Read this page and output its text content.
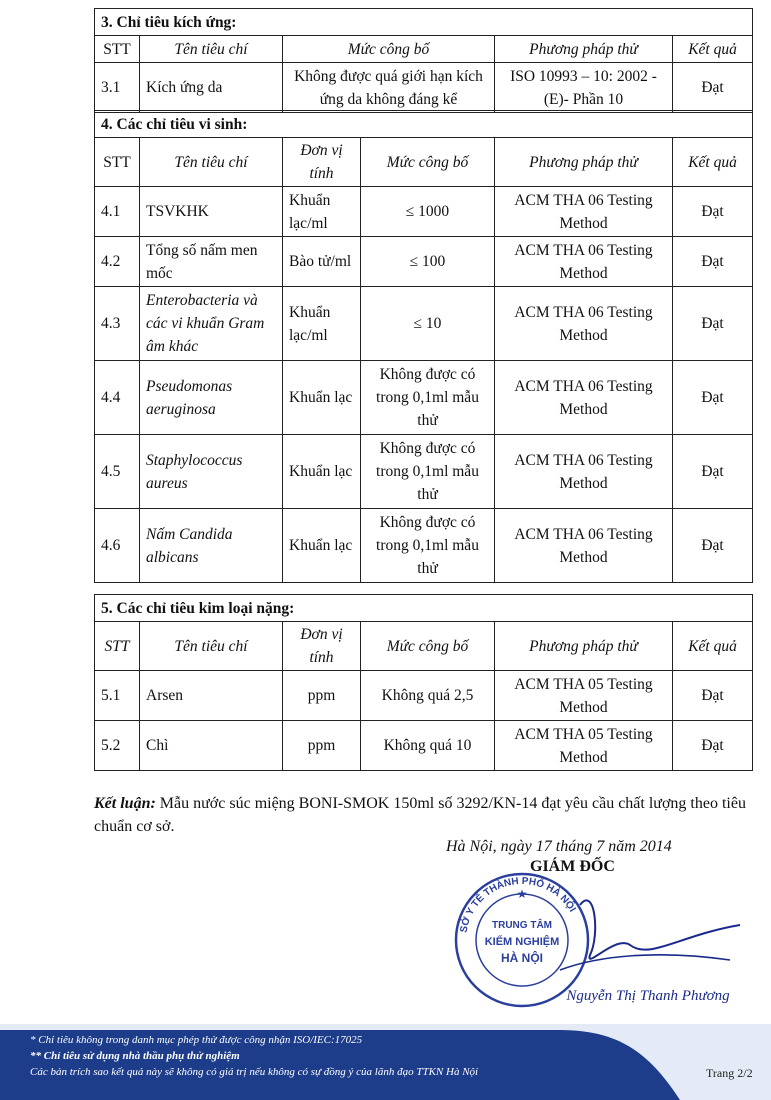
3. Chỉ tiêu kích ứng:				
STT	Tên tiêu chí	Mức công bố	Phương pháp thử	Kết quả
3.1	Kích ứng da	Không được quá giới hạn kích ứng da không đáng kể	ISO 10993 – 10: 2002 - (E)- Phần 10	Đạt
4. Các chỉ tiêu vi sinh:					
STT	Tên tiêu chí	Đơn vị tính	Mức công bố	Phương pháp thử	Kết quả
4.1	TSVKHK	Khuẩn lạc/ml	≤ 1000	ACM THA 06 Testing Method	Đạt
4.2	Tổng số nấm men mốc	Bào tử/ml	≤ 100	ACM THA 06 Testing Method	Đạt
4.3	Enterobacteria và các vi khuẩn Gram âm khác	Khuẩn lạc/ml	≤ 10	ACM THA 06 Testing Method	Đạt
4.4	Pseudomonas aeruginosa	Khuẩn lạc	Không được có trong 0,1ml mẫu thử	ACM THA 06 Testing Method	Đạt
4.5	Staphylococcus aureus	Khuẩn lạc	Không được có trong 0,1ml mẫu thử	ACM THA 06 Testing Method	Đạt
4.6	Nấm Candida albicans	Khuẩn lạc	Không được có trong 0,1ml mẫu thử	ACM THA 06 Testing Method	Đạt
5. Các chỉ tiêu kim loại nặng:					
STT	Tên tiêu chí	Đơn vị tính	Mức công bố	Phương pháp thử	Kết quả
5.1	Arsen	ppm	Không quá 2,5	ACM THA 05 Testing Method	Đạt
5.2	Chì	ppm	Không quá 10	ACM THA 05 Testing Method	Đạt
Kết luận: Mẫu nước súc miệng BONI-SMOK 150ml số 3292/KN-14 đạt yêu cầu chất lượng theo tiêu chuẩn cơ sở.
Hà Nội, ngày 17 tháng 7 năm 2014
GIÁM ĐỐC
SỞ Y TẾ THÀNH PHỐ HÀ NỘI
TRUNG TÂM
KIỂM NGHIỆM
HÀ NỘI
★
Nguyễn Thị Thanh Phương
* Chỉ tiêu không trong danh mục phép thử được công nhận ISO/IEC:17025
** Chỉ tiêu sử dụng nhà thầu phụ thử nghiệm
Các bản trích sao kết quả này sẽ không có giá trị nếu không có sự đồng ý của lãnh đạo TTKN Hà Nội	Trang 2/2
